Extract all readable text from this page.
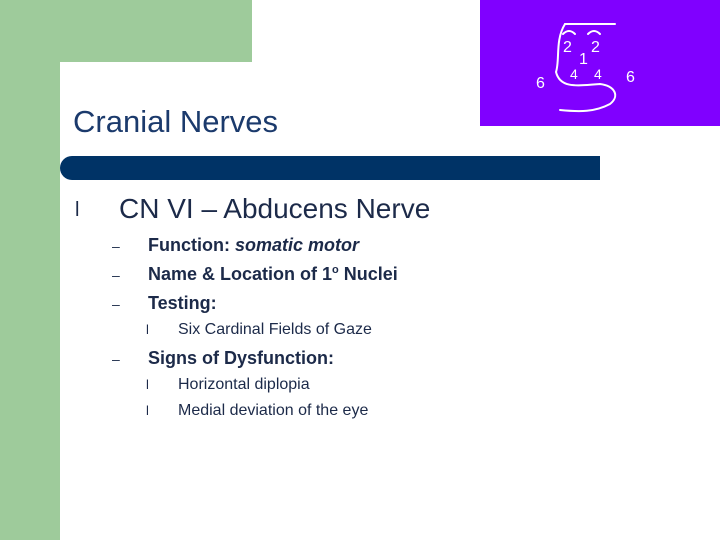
2 2
1
4 4
6	6
Cranial Nerves
l CN VI – Abducens Nerve
– Function: somatic motor
– Name & Location of 1$^o$ Nuclei
– Testing:
l Six Cardinal Fields of Gaze
– Signs of Dysfunction:
l Horizontal diplopia
l Medial deviation of the eye
